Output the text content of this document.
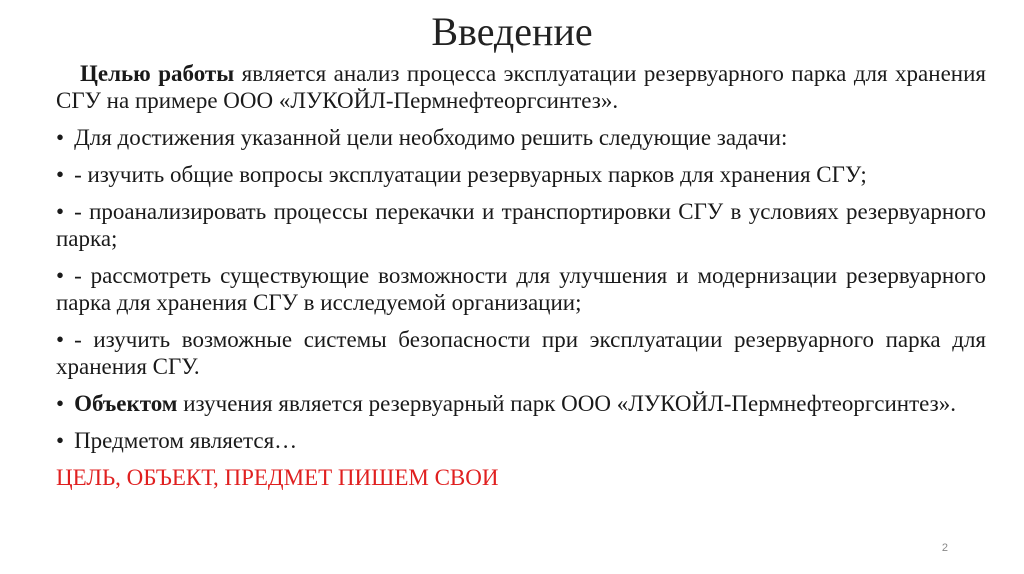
Введение

Целью работы является анализ процесса эксплуатации резервуарного парка для хранения СГУ на примере ООО «ЛУКОЙЛ-Пермнефтеоргсинтез».

• Для достижения указанной цели необходимо решить следующие задачи:

• - изучить общие вопросы эксплуатации резервуарных парков для хранения СГУ;

• - проанализировать процессы перекачки и транспортировки СГУ в условиях резервуарного парка;

• - рассмотреть существующие возможности для улучшения и модернизации резервуарного парка для хранения СГУ в исследуемой организации;

• - изучить возможные системы безопасности при эксплуатации резервуарного парка для хранения СГУ.

• Объектом изучения является резервуарный парк ООО «ЛУКОЙЛ-Пермнефтеоргсинтез».

• Предметом является…

ЦЕЛЬ, ОБЪЕКТ, ПРЕДМЕТ ПИШЕМ СВОИ

2
